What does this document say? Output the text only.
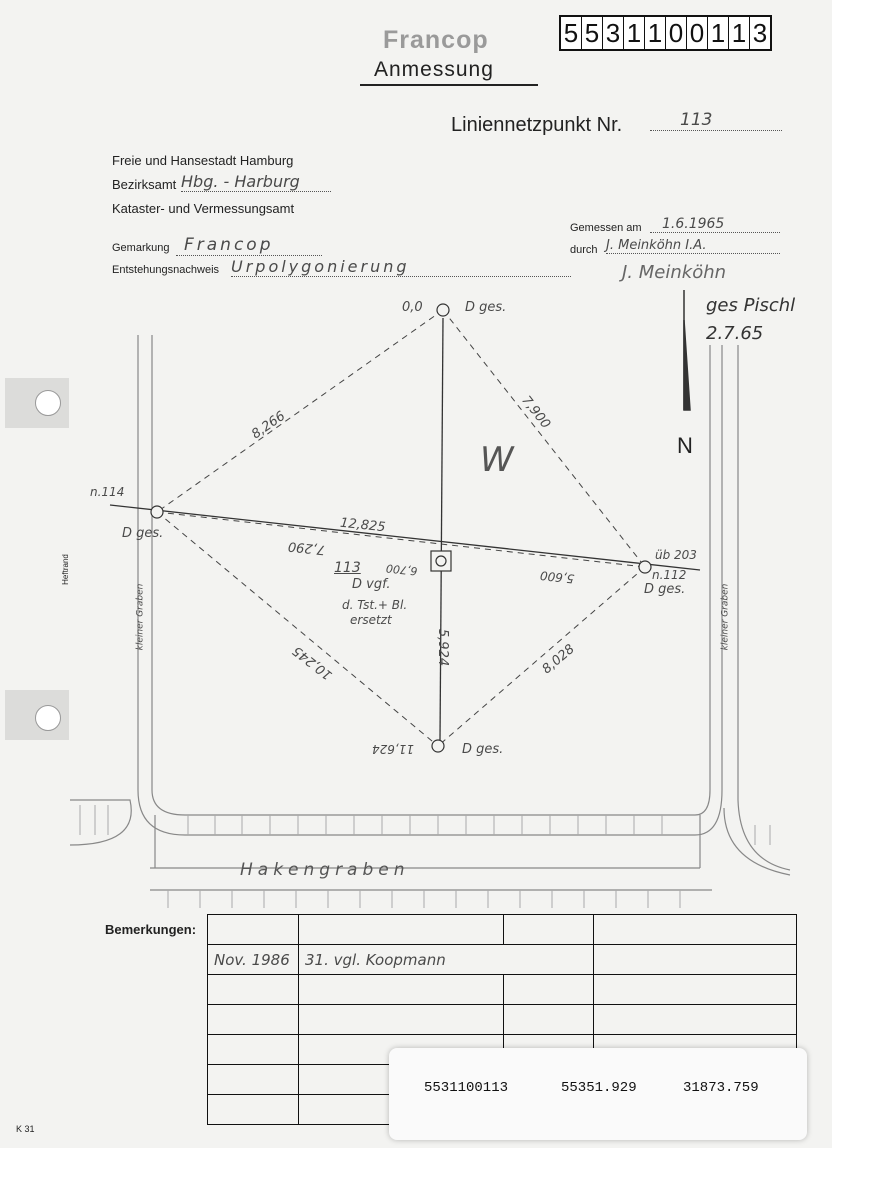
Francop
Anmessung
5 5 3 1 1 0 0 1 1 3
Liniennetzpunkt Nr.	113
Freie und Hansestadt Hamburg
Bezirksamt Hbg. - Harburg
Kataster- und Vermessungsamt
Gemessen am	1.6.1965
durch J. Meinköhn I.A.
J. Meinköhn
Gemarkung Francop
Entstehungsnachweis Urpolygonierung
ges Pischl 2.7.65
N
W
0,0	D ges.
n.114
D ges.
üb 203
n.112
D ges.
D ges.
11,624
113
D vgf.
d. Tst.+ Bl.
ersetzt
8,266	7,900
12,825
7,290
6,700	5,600
10,245	8,028
5,924
kleiner Graben	kleiner Graben
Hakengraben
Heftrand
Bemerkungen:

Nov. 1986	31. vgl. Koopmann		

5531100113	55351.929	31873.759
K 31
